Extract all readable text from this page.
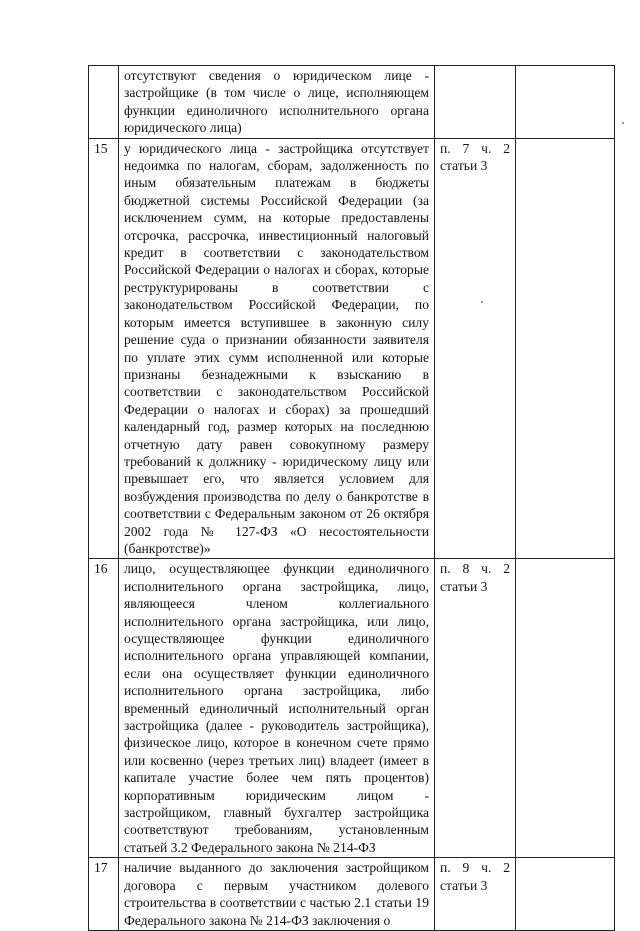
	отсутствуют сведения о юридическом лице - застройщике (в том числе о лице, исполняющем функции единоличного исполнительного органа юридического лица)		
15	у юридического лица - застройщика отсутствует недоимка по налогам, сборам, задолженность по иным обязательным платежам в бюджеты бюджетной системы Российской Федерации (за исключением сумм, на которые предоставлены отсрочка, рассрочка, инвестиционный налоговый кредит в соответствии с законодательством Российской Федерации о налогах и сборах, которые реструктурированы в соответствии с законодательством Российской Федерации, по которым имеется вступившее в законную силу решение суда о признании обязанности заявителя по уплате этих сумм исполненной или которые признаны безнадежными к взысканию в соответствии с законодательством Российской Федерации о налогах и сборах) за прошедший календарный год, размер которых на последнюю отчетную дату равен совокупному размеру требований к должнику - юридическому лицу или превышает его, что является условием для возбуждения производства по делу о банкротстве в соответствии с Федеральным законом от 26 октября 2002 года № 127-ФЗ «О несостоятельности (банкротстве)»	п. 7 ч. 2 статьи 3	
16	лицо, осуществляющее функции единоличного исполнительного органа застройщика, лицо, являющееся членом коллегиального исполнительного органа застройщика, или лицо, осуществляющее функции единоличного исполнительного органа управляющей компании, если она осуществляет функции единоличного исполнительного органа застройщика, либо временный единоличный исполнительный орган застройщика (далее - руководитель застройщика), физическое лицо, которое в конечном счете прямо или косвенно (через третьих лиц) владеет (имеет в капитале участие более чем пять процентов) корпоративным юридическим лицом - застройщиком, главный бухгалтер застройщика соответствуют требованиям, установленным статьей 3.2 Федерального закона № 214-ФЗ	п. 8 ч. 2 статьи 3	
17	наличие выданного до заключения застройщиком договора с первым участником долевого строительства в соответствии с частью 2.1 статьи 19 Федерального закона № 214-ФЗ заключения о	п. 9 ч. 2 статьи 3	
